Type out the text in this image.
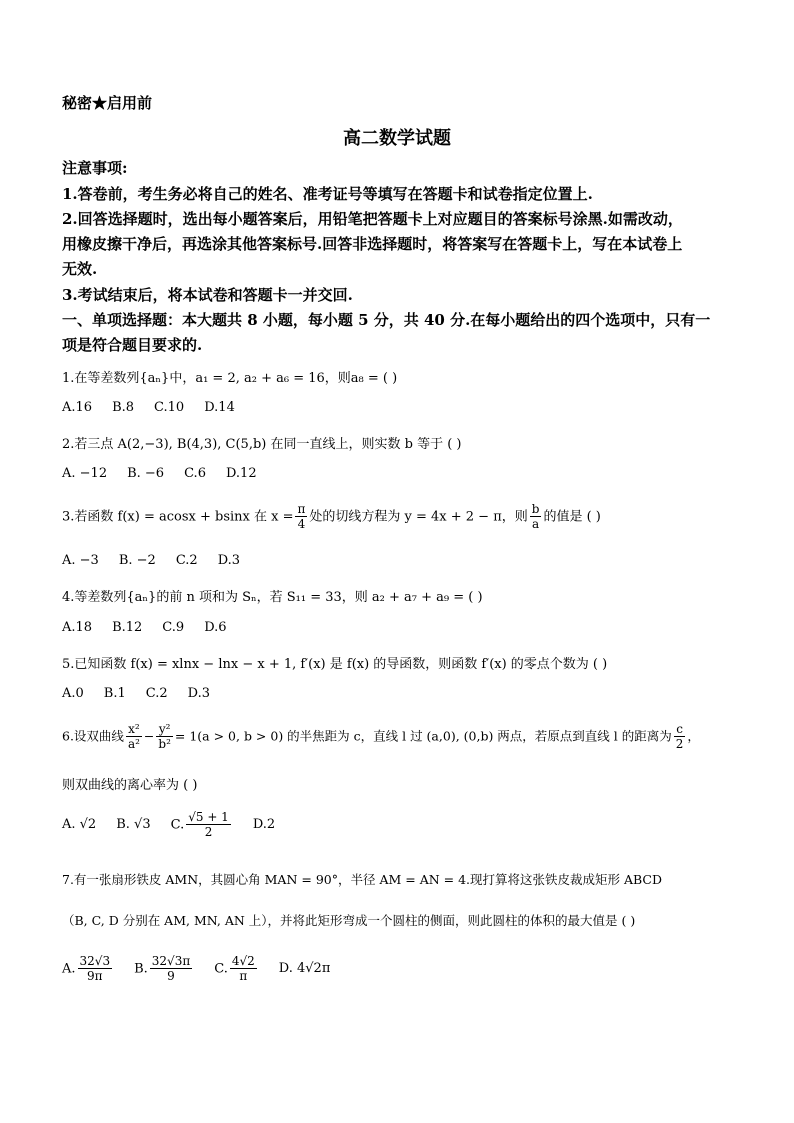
秘密★启用前
高二数学试题
注意事项:
1.答卷前，考生务必将自己的姓名、准考证号等填写在答题卡和试卷指定位置上.
2.回答选择题时，选出每小题答案后，用铅笔把答题卡上对应题目的答案标号涂黑.如需改动，
用橡皮擦干净后，再选涂其他答案标号.回答非选择题时，将答案写在答题卡上，写在本试卷上
无效.
3.考试结束后，将本试卷和答题卡一并交回.
一、单项选择题：本大题共 8 小题，每小题 5 分，共 40 分.在每小题给出的四个选项中，只有一
项是符合题目要求的.
1.在等差数列{aₙ}中，a₁ = 2, a₂ + a₆ = 16，则a₈ = ( )
A.16 B.8 C.10 D.14
2.若三点 A(2,−3), B(4,3), C(5,b) 在同一直线上，则实数 b 等于 ( )
A. −12 B. −6 C.6 D.12
3.若函数 f(x) = acosx + bsinx 在 $x = \frac{\pi}{4}$ 处的切线方程为 y = 4x + 2 − π，则 $\frac{b}{a}$ 的值是 ( )
A. −3 B. −2 C.2 D.3
4.等差数列{aₙ}的前 n 项和为 Sₙ，若 S₁₁ = 33，则 a₂ + a₇ + a₉ = ( )
A.18 B.12 C.9 D.6
5.已知函数 f(x) = xlnx − lnx − x + 1, f′(x) 是 f(x) 的导函数，则函数 f′(x) 的零点个数为 ( )
A.0 B.1 C.2 D.3
6.设双曲线 $\frac{\text{x²}}{\text{a²}} - \frac{\text{y²}}{\text{b²}} = 1(a > 0$, b > 0) 的半焦距为 c，直线 l 过 (a,0), (0,b) 两点，若原点到直线 l 的距离为 $\frac{c}{2}$ ，
则双曲线的离心率为 ( )
A. √2 B. √3 C. $\frac{√5 + 1}{2} D.2$
7.有一张扇形铁皮 AMN，其圆心角 MAN = 90°，半径 AM = AN = 4.现打算将这张铁皮裁成矩形 ABCD
（B, C, D 分别在 AM, MN, AN 上），并将此矩形弯成一个圆柱的侧面，则此圆柱的体积的最大值是 ( )
A. $\frac{32√3}{9\pi} B$. $\frac{32√3\pi}{9} C$. $\frac{4√2}{\pi} D$. 4√2π
